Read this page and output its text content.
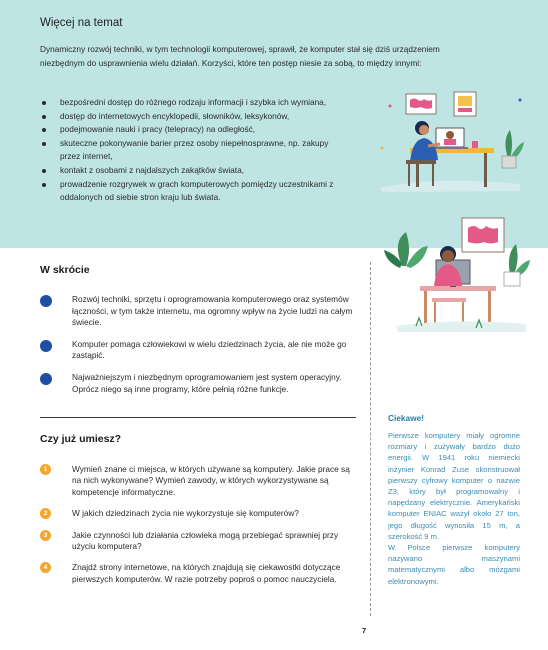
Więcej na temat
Dynamiczny rozwój techniki, w tym technologii komputerowej, sprawił, że komputer stał się dziś urządzeniem niezbędnym do usprawnienia wielu działań. Korzyści, które ten postęp niesie za sobą, to między innymi:
bezpośredni dostęp do różnego rodzaju informacji i szybka ich wymiana,
dostęp do internetowych encyklopedii, słowników, leksykonów,
podejmowanie nauki i pracy (telepracy) na odległość,
skuteczne pokonywanie barier przez osoby niepełnosprawne, np. zakupy przez internet,
kontakt z osobami z najdalszych zakątków świata,
prowadzenie rozgrywek w grach komputerowych pomiędzy uczestnikami z oddalonych od siebie stron kraju lub świata.
W skrócie
Rozwój techniki, sprzętu i oprogramowania komputerowego oraz systemów łączności, w tym także internetu, ma ogromny wpływ na życie ludzi na całym świecie.
Komputer pomaga człowiekowi w wielu dziedzinach życia, ale nie może go zastąpić.
Najważniejszym i niezbędnym oprogramowaniem jest system operacyjny. Oprócz niego są inne programy, które pełnią różne funkcje.
Czy już umiesz?
1	Wymień znane ci miejsca, w których używane są komputery. Jakie prace są na nich wykonywane? Wymień zawody, w których wykorzystywane są kompetencje informatyczne.
2	W jakich dziedzinach życia nie wykorzystuje się komputerów?
3	Jakie czynności lub działania człowieka mogą przebiegać sprawniej przy użyciu komputera?
4	Znajdź strony internetowe, na których znajdują się ciekawostki dotyczące pierwszych komputerów. W razie potrzeby poproś o pomoc nauczyciela.
Ciekawe!

Pierwsze komputery miały ogromne rozmiary i zużywały bardzo dużo energii. W 1941 roku niemiecki inżynier Konrad Zuse skonstruował pierwszy cyfrowy komputer o nazwie Z3, który był programowalny i napędzany elektrycznie. Amerykański komputer ENIAC ważył około 27 ton, jego długość wynosiła 15 m, a szerokość 9 m.

W Polsce pierwsze komputery nazywano maszynami matematycznymi albo mózgami elektronowymi.

7
